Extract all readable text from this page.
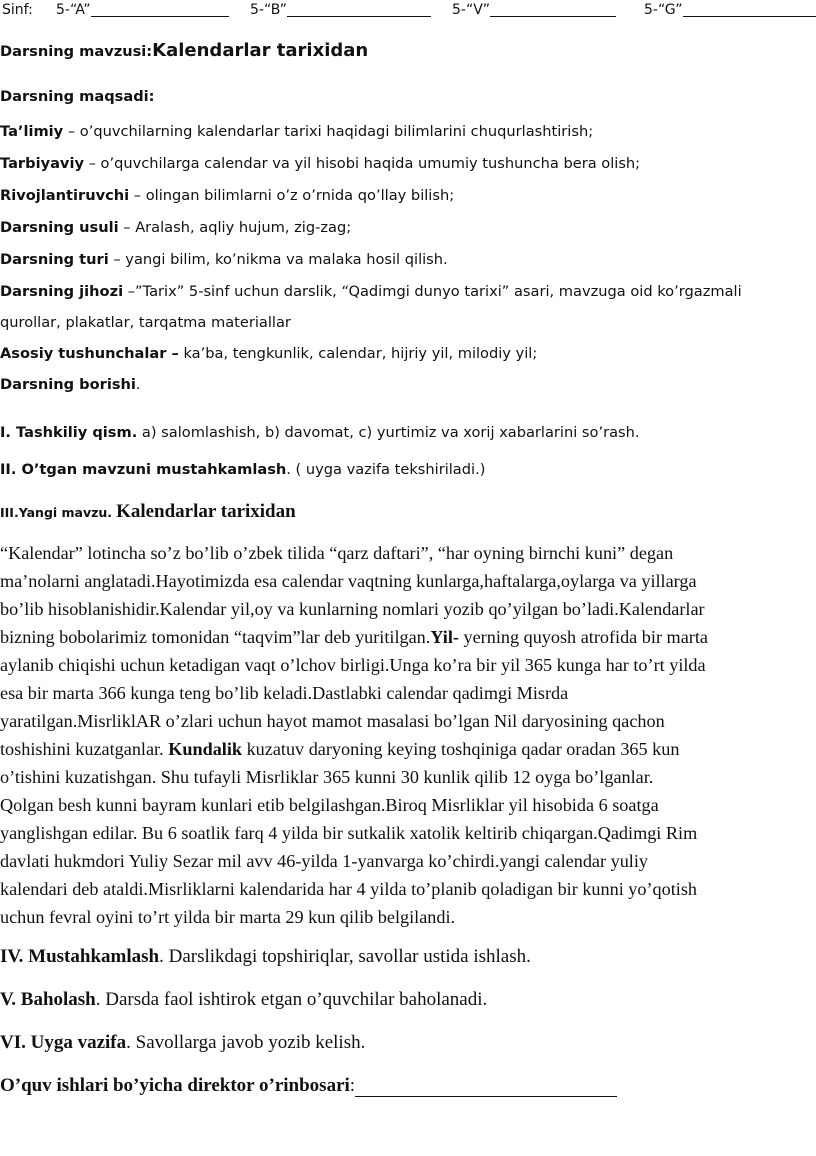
Sinf: 5-“A”	5-“B”	5-“V”	5-“G”
Darsning mavzusi:Kalendarlar tarixidan
Darsning maqsadi:
Ta’limiy – o’quvchilarning kalendarlar tarixi haqidagi bilimlarini chuqurlashtirish;
Tarbiyaviy – o’quvchilarga calendar va yil hisobi haqida umumiy tushuncha bera olish;
Rivojlantiruvchi – olingan bilimlarni o’z o’rnida qo’llay bilish;
Darsning usuli – Aralash, aqliy hujum, zig-zag;
Darsning turi – yangi bilim, ko’nikma va malaka hosil qilish.
Darsning jihozi –”Tarix” 5-sinf uchun darslik, “Qadimgi dunyo tarixi” asari, mavzuga oid ko’rgazmali
qurollar, plakatlar, tarqatma materiallar
Asosiy tushunchalar – ka’ba, tengkunlik, calendar, hijriy yil, milodiy yil;
Darsning borishi.
I. Tashkiliy qism. a) salomlashish, b) davomat, c) yurtimiz va xorij xabarlarini so’rash.
II. O’tgan mavzuni mustahkamlash. ( uyga vazifa tekshiriladi.)
III.Yangi mavzu. Kalendarlar tarixidan
“Kalendar” lotincha so’z bo’lib o’zbek tilida “qarz daftari”, “har oyning birnchi kuni” degan
ma’nolarni anglatadi.Hayotimizda esa calendar vaqtning kunlarga,haftalarga,oylarga va yillarga
bo’lib hisoblanishidir.Kalendar yil,oy va kunlarning nomlari yozib qo’yilgan bo’ladi.Kalendarlar
bizning bobolarimiz tomonidan “taqvim”lar deb yuritilgan.Yil- yerning quyosh atrofida bir marta
aylanib chiqishi uchun ketadigan vaqt o’lchov birligi.Unga ko’ra bir yil 365 kunga har to’rt yilda
esa bir marta 366 kunga teng bo’lib keladi.Dastlabki calendar qadimgi Misrda
yaratilgan.MisrliklAR o’zlari uchun hayot mamot masalasi bo’lgan Nil daryosining qachon
toshishini kuzatganlar. Kundalik kuzatuv daryoning keying toshqiniga qadar oradan 365 kun
o’tishini kuzatishgan. Shu tufayli Misrliklar 365 kunni 30 kunlik qilib 12 oyga bo’lganlar.
Qolgan besh kunni bayram kunlari etib belgilashgan.Biroq Misrliklar yil hisobida 6 soatga
yanglishgan edilar. Bu 6 soatlik farq 4 yilda bir sutkalik xatolik keltirib chiqargan.Qadimgi Rim
davlati hukmdori Yuliy Sezar mil avv 46-yilda 1-yanvarga ko’chirdi.yangi calendar yuliy
kalendari deb ataldi.Misrliklarni kalendarida har 4 yilda to’planib qoladigan bir kunni yo’qotish
uchun fevral oyini to’rt yilda bir marta 29 kun qilib belgilandi.
IV. Mustahkamlash. Darslikdagi topshiriqlar, savollar ustida ishlash.
V. Baholash. Darsda faol ishtirok etgan o’quvchilar baholanadi.
VI. Uyga vazifa. Savollarga javob yozib kelish.
O’quv ishlari bo’yicha direktor o’rinbosari:
